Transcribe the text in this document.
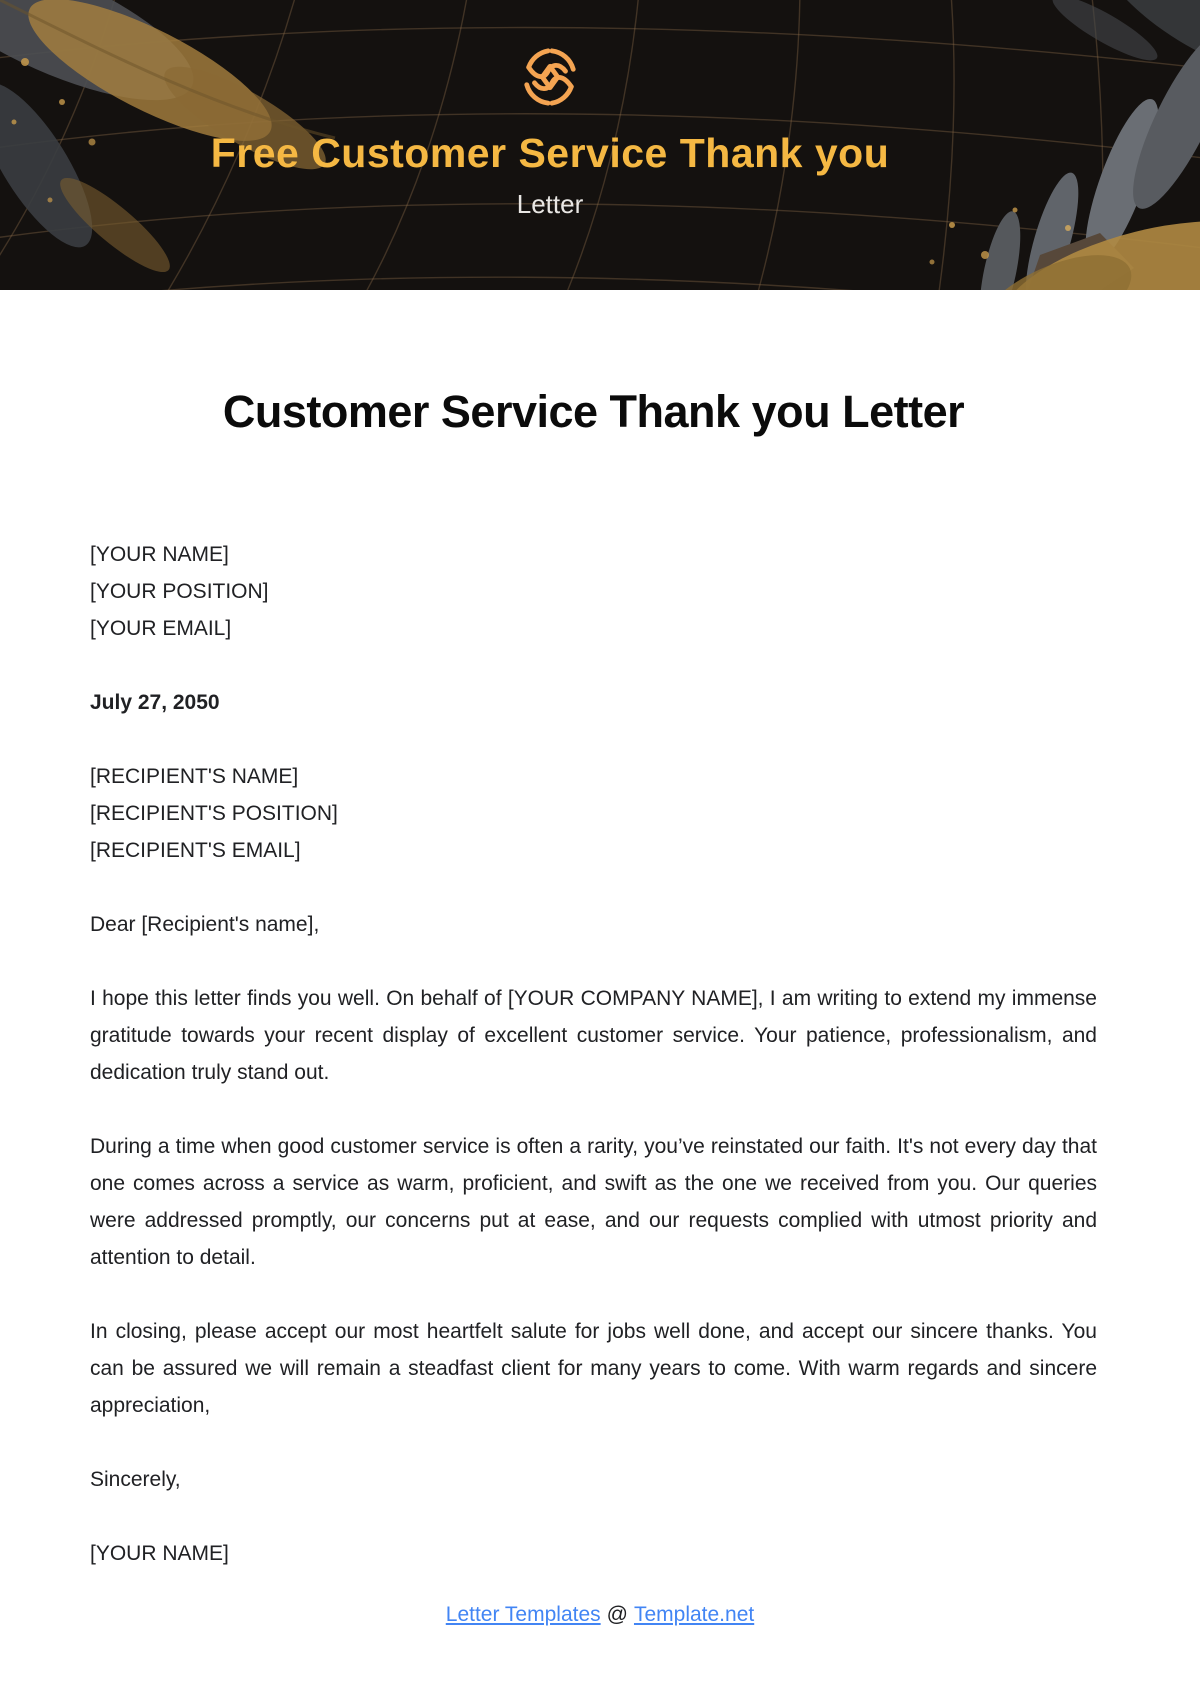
Free Customer Service Thank you
Letter
Customer Service Thank you Letter
[YOUR NAME]
[YOUR POSITION]
[YOUR EMAIL]
July 27, 2050
[RECIPIENT'S NAME]
[RECIPIENT'S POSITION]
[RECIPIENT'S EMAIL]
Dear [Recipient's name],

I hope this letter finds you well. On behalf of [YOUR COMPANY NAME], I am writing to extend my immense gratitude towards your recent display of excellent customer service. Your patience, professionalism, and dedication truly stand out.

During a time when good customer service is often a rarity, you’ve reinstated our faith. It's not every day that one comes across a service as warm, proficient, and swift as the one we received from you. Our queries were addressed promptly, our concerns put at ease, and our requests complied with utmost priority and attention to detail.

In closing, please accept our most heartfelt salute for jobs well done, and accept our sincere thanks. You can be assured we will remain a steadfast client for many years to come. With warm regards and sincere appreciation,

Sincerely,
[YOUR NAME]
Letter Templates @ Template.net
